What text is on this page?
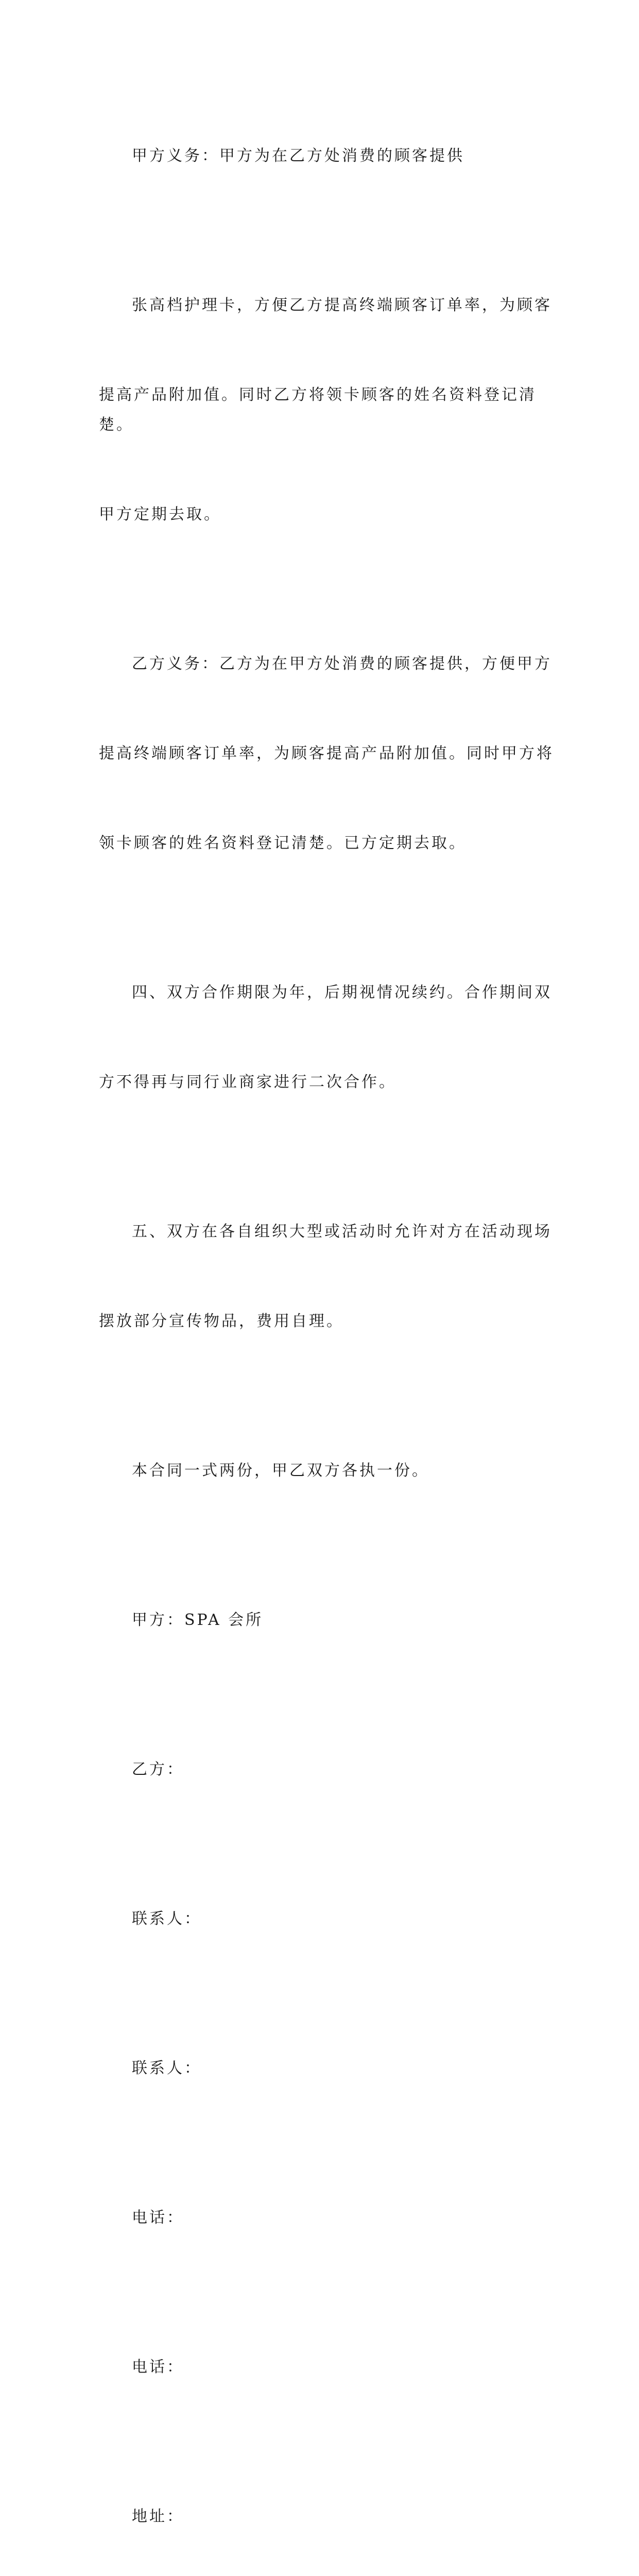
甲方义务：甲方为在乙方处消费的顾客提供

张高档护理卡，方便乙方提高终端顾客订单率，为顾客

提高产品附加值。同时乙方将领卡顾客的姓名资料登记清楚。

甲方定期去取。

乙方义务：乙方为在甲方处消费的顾客提供，方便甲方

提高终端顾客订单率，为顾客提高产品附加值。同时甲方将

领卡顾客的姓名资料登记清楚。已方定期去取。

四、双方合作期限为年，后期视情况续约。合作期间双

方不得再与同行业商家进行二次合作。

五、双方在各自组织大型或活动时允许对方在活动现场

摆放部分宣传物品，费用自理。

本合同一式两份，甲乙双方各执一份。

甲方：SPA 会所

乙方：

联系人：

联系人：

电话：

电话：

地址：
